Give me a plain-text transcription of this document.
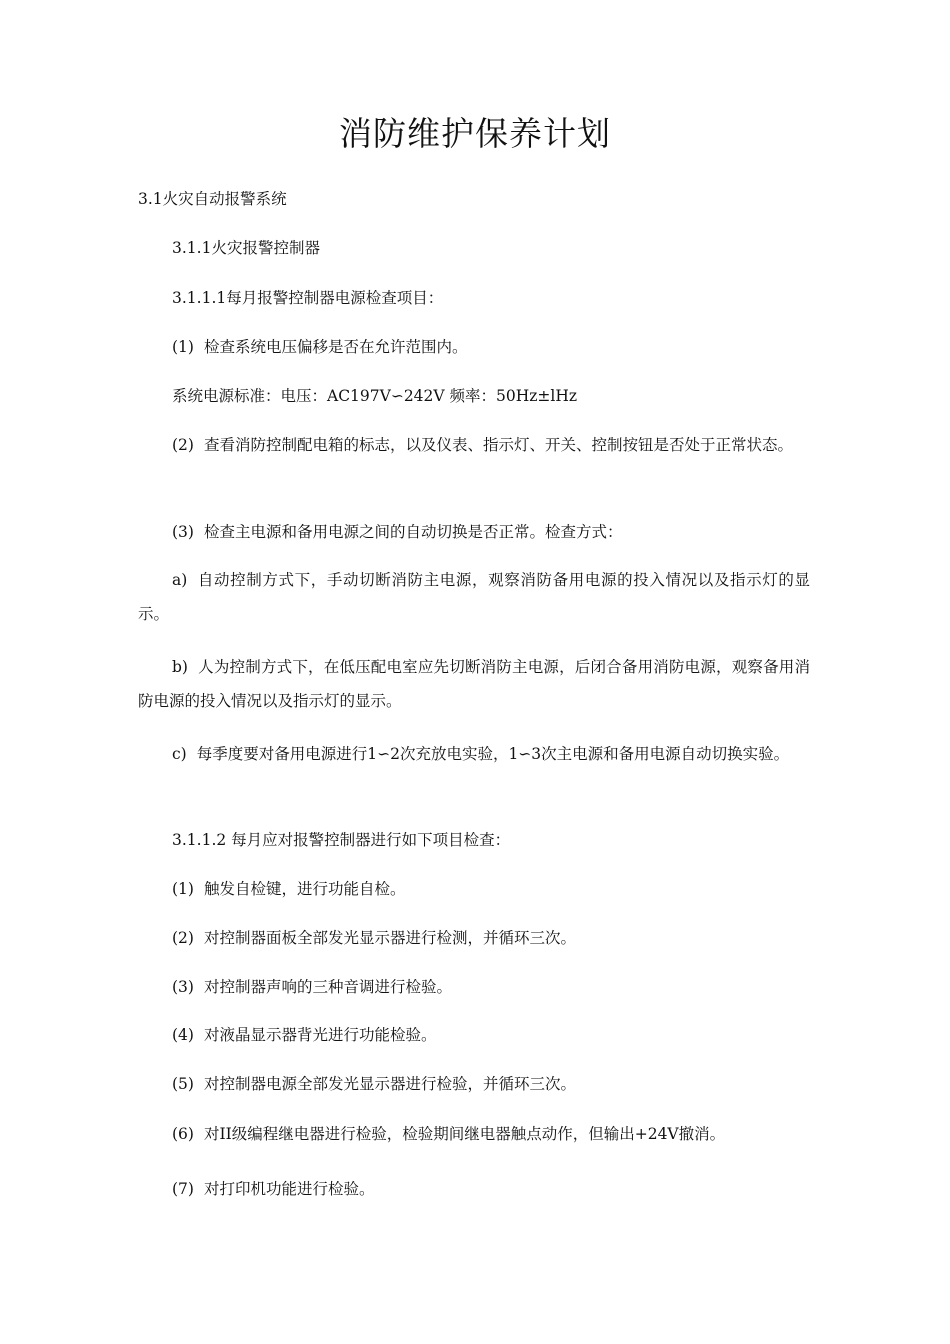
消防维护保养计划

3.1火灾自动报警系统

3.1.1火灾报警控制器

3.1.1.1每月报警控制器电源检查项目：

(1) 检查系统电压偏移是否在允许范围内。

系统电源标准：电压：AC197V∽242V 频率：50Hz±lHz

(2) 查看消防控制配电箱的标志，以及仪表、指示灯、开关、控制按钮是否处于正常状态。

(3) 检查主电源和备用电源之间的自动切换是否正常。检查方式：

a) 自动控制方式下，手动切断消防主电源，观察消防备用电源的投入情况以及指示灯的显示。

b) 人为控制方式下，在低压配电室应先切断消防主电源，后闭合备用消防电源，观察备用消防电源的投入情况以及指示灯的显示。

c) 每季度要对备用电源进行1∽2次充放电实验，1∽3次主电源和备用电源自动切换实验。

3.1.1.2 每月应对报警控制器进行如下项目检查：

(1) 触发自检键，进行功能自检。

(2) 对控制器面板全部发光显示器进行检测，并循环三次。

(3) 对控制器声响的三种音调进行检验。

(4) 对液晶显示器背光进行功能检验。

(5) 对控制器电源全部发光显示器进行检验，并循环三次。

(6) 对II级编程继电器进行检验，检验期间继电器触点动作，但输出+24V撤消。

(7) 对打印机功能进行检验。
